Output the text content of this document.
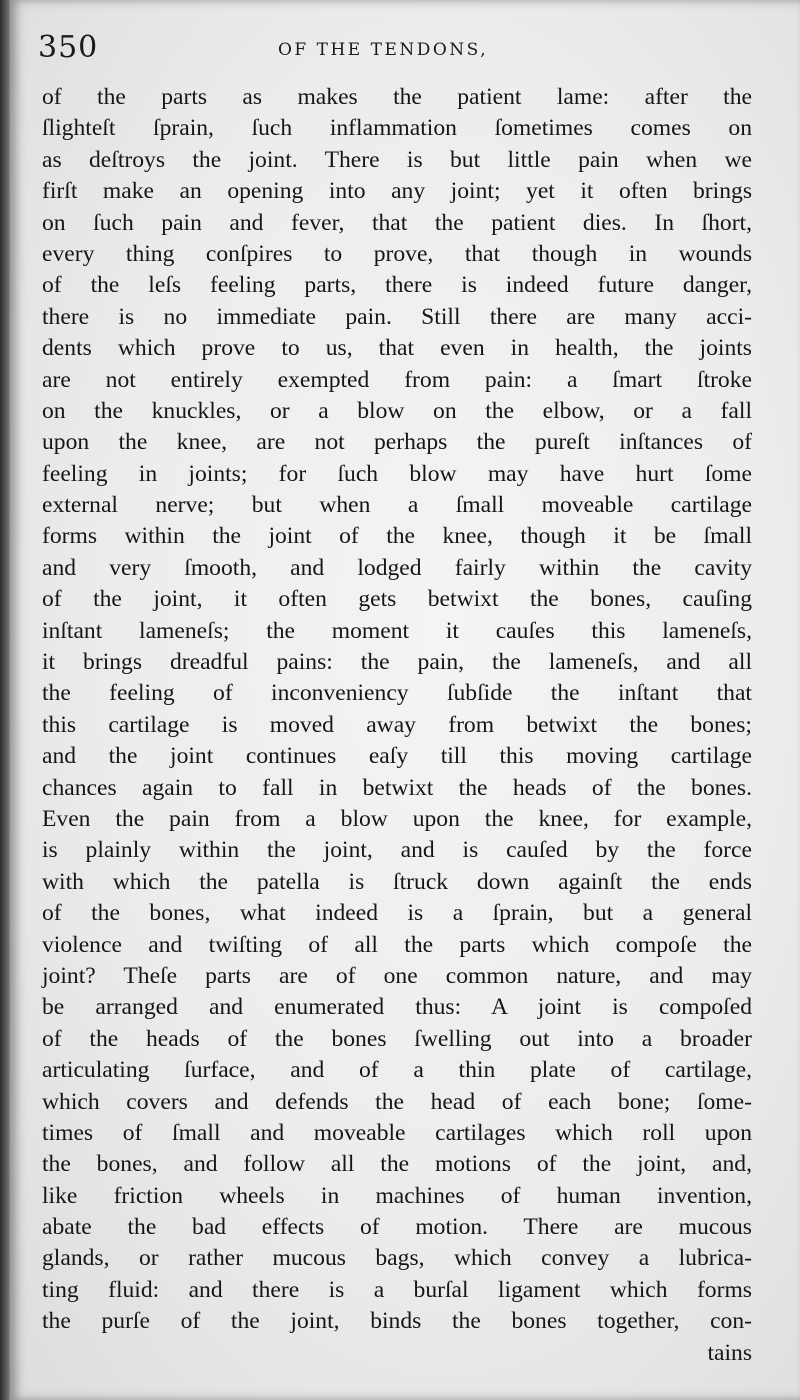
350	OF THE TENDONS,
of the parts as makes the patient lame: after the
ſlighteſt ſprain, ſuch inflammation ſometimes comes on
as deſtroys the joint. There is but little pain when we
firſt make an opening into any joint; yet it often brings
on ſuch pain and fever, that the patient dies. In ſhort,
every thing conſpires to prove, that though in wounds
of the leſs feeling parts, there is indeed future danger,
there is no immediate pain. Still there are many acci-
dents which prove to us, that even in health, the joints
are not entirely exempted from pain: a ſmart ſtroke
on the knuckles, or a blow on the elbow, or a fall
upon the knee, are not perhaps the pureſt inſtances of
feeling in joints; for ſuch blow may have hurt ſome
external nerve; but when a ſmall moveable cartilage
forms within the joint of the knee, though it be ſmall
and very ſmooth, and lodged fairly within the cavity
of the joint, it often gets betwixt the bones, cauſing
inſtant lameneſs; the moment it cauſes this lameneſs,
it brings dreadful pains: the pain, the lameneſs, and all
the feeling of inconveniency ſubſide the inſtant that
this cartilage is moved away from betwixt the bones;
and the joint continues eaſy till this moving cartilage
chances again to fall in betwixt the heads of the bones.
Even the pain from a blow upon the knee, for example,
is plainly within the joint, and is cauſed by the force
with which the patella is ſtruck down againſt the ends
of the bones, what indeed is a ſprain, but a general
violence and twiſting of all the parts which compoſe the
joint? Theſe parts are of one common nature, and may
be arranged and enumerated thus: A joint is compoſed
of the heads of the bones ſwelling out into a broader
articulating ſurface, and of a thin plate of cartilage,
which covers and defends the head of each bone; ſome-
times of ſmall and moveable cartilages which roll upon
the bones, and follow all the motions of the joint, and,
like friction wheels in machines of human invention,
abate the bad effects of motion. There are mucous
glands, or rather mucous bags, which convey a lubrica-
ting fluid: and there is a burſal ligament which forms
the purſe of the joint, binds the bones together, con-
tains
